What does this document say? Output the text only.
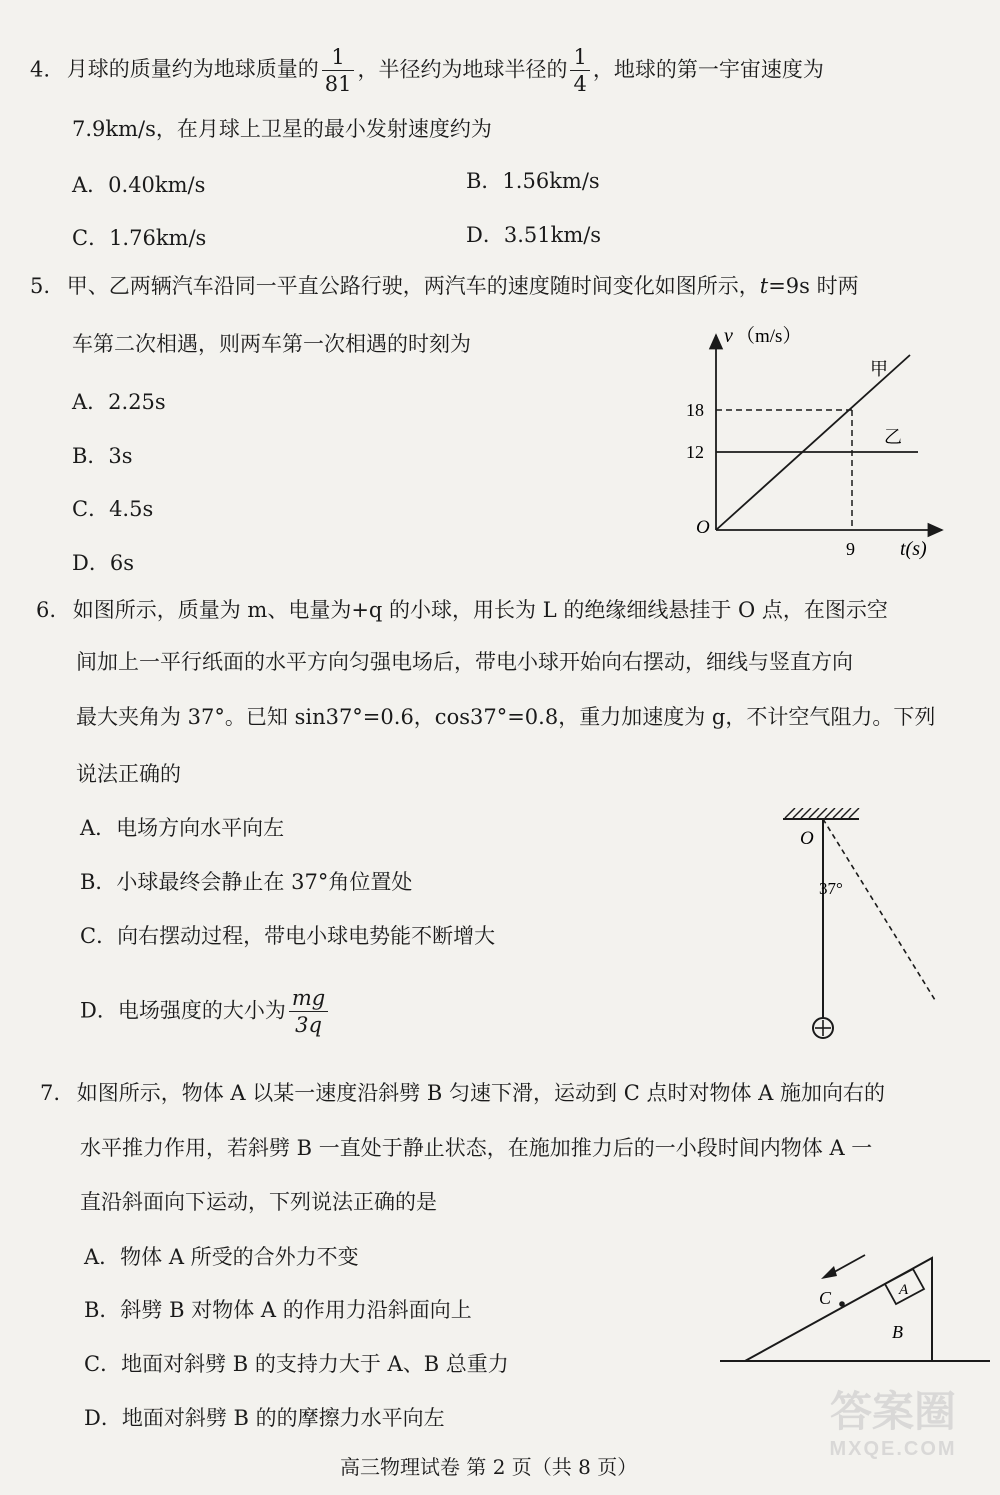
4. 月球的质量约为地球质量的 $\frac{1}{81}$ ，半径约为地球半径的 $\frac{1}{4}$ ，地球的第一宇宙速度为
7.9km/s，在月球上卫星的最小发射速度约为
A．0.40km/s	B．1.56km/s
C．1.76km/s	D．3.51km/s
5. 甲、乙两辆汽车沿同一平直公路行驶，两汽车的速度随时间变化如图所示，t=9s 时两
车第二次相遇，则两车第一次相遇的时刻为
A．2.25s
B．3s
C．4.5s
D．6s
v （m/s）
18
12
O
9 t(s)
甲
乙
6. 如图所示，质量为 m、电量为+q 的小球，用长为 L 的绝缘细线悬挂于 O 点，在图示空
间加上一平行纸面的水平方向匀强电场后，带电小球开始向右摆动，细线与竖直方向
最大夹角为 37°。已知 sin37°=0.6，cos37°=0.8，重力加速度为 g，不计空气阻力。下列
说法正确的
A．电场方向水平向左
B．小球最终会静止在 37°角位置处
C．向右摆动过程，带电小球电势能不断增大
D．电场强度的大小为 $\frac{mg}{3q}$
O
37°
7. 如图所示，物体 A 以某一速度沿斜劈 B 匀速下滑，运动到 C 点时对物体 A 施加向右的
水平推力作用，若斜劈 B 一直处于静止状态，在施加推力后的一小段时间内物体 A 一
直沿斜面向下运动，下列说法正确的是
A．物体 A 所受的合外力不变
B．斜劈 B 对物体 A 的作用力沿斜面向上
C．地面对斜劈 B 的支持力大于 A、B 总重力
D．地面对斜劈 B 的的摩擦力水平向左
A
C
B
高三物理试卷 第 2 页（共 8 页）
答案圈
MXQE.COM
